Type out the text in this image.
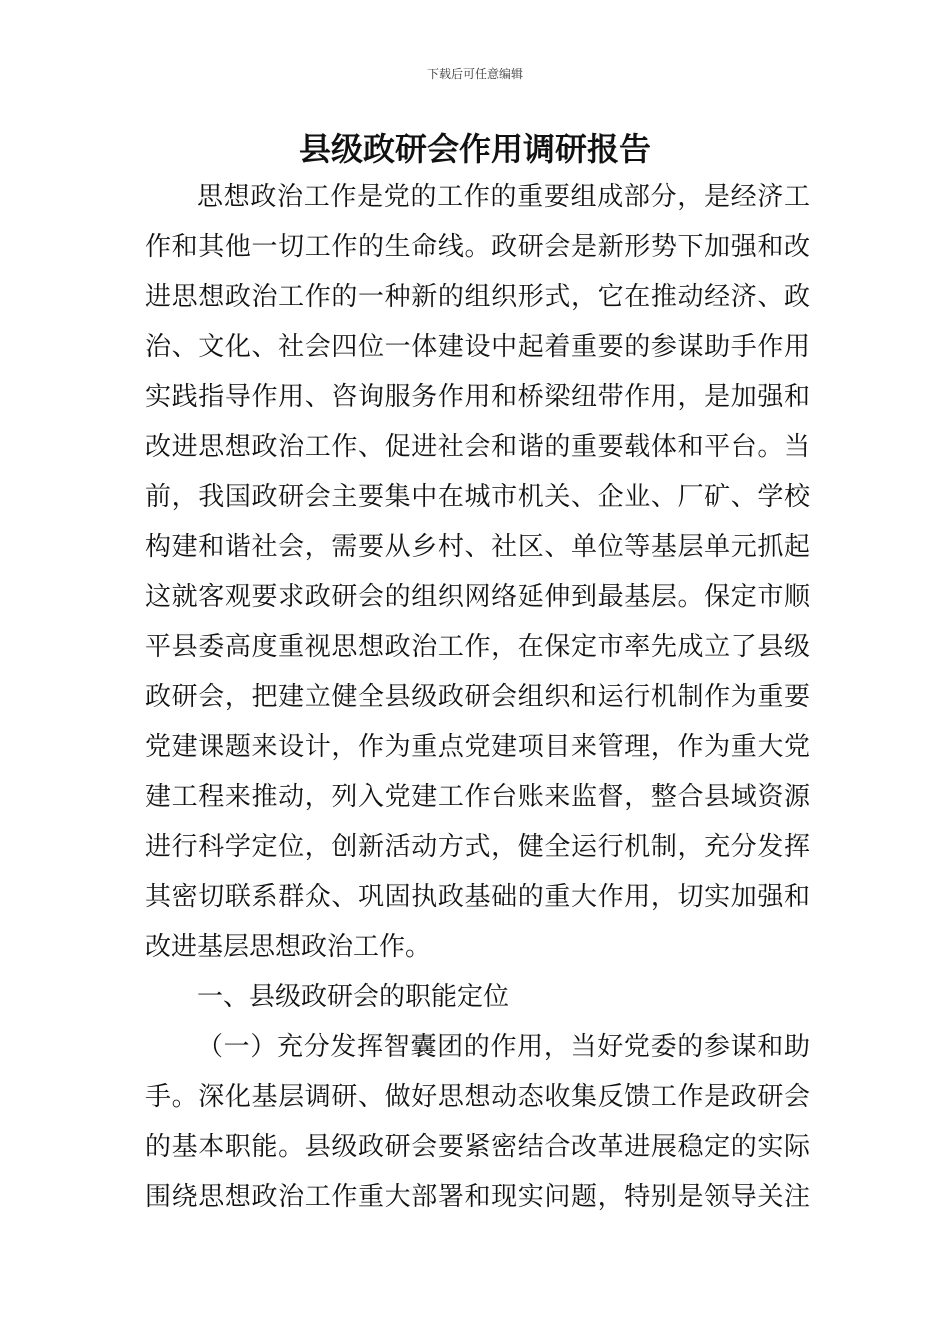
下载后可任意编辑
县级政研会作用调研报告
思想政治工作是党的工作的重要组成部分，是经济工
作和其他一切工作的生命线。政研会是新形势下加强和改
进思想政治工作的一种新的组织形式，它在推动经济、政
治、文化、社会四位一体建设中起着重要的参谋助手作用
实践指导作用、咨询服务作用和桥梁纽带作用，是加强和
改进思想政治工作、促进社会和谐的重要载体和平台。当
前，我国政研会主要集中在城市机关、企业、厂矿、学校
构建和谐社会，需要从乡村、社区、单位等基层单元抓起
这就客观要求政研会的组织网络延伸到最基层。保定市顺
平县委高度重视思想政治工作，在保定市率先成立了县级
政研会，把建立健全县级政研会组织和运行机制作为重要
党建课题来设计，作为重点党建项目来管理，作为重大党
建工程来推动，列入党建工作台账来监督，整合县域资源
进行科学定位，创新活动方式，健全运行机制，充分发挥
其密切联系群众、巩固执政基础的重大作用，切实加强和
改进基层思想政治工作。
一、县级政研会的职能定位
（一）充分发挥智囊团的作用，当好党委的参谋和助
手。深化基层调研、做好思想动态收集反馈工作是政研会
的基本职能。县级政研会要紧密结合改革进展稳定的实际
围绕思想政治工作重大部署和现实问题，特别是领导关注
